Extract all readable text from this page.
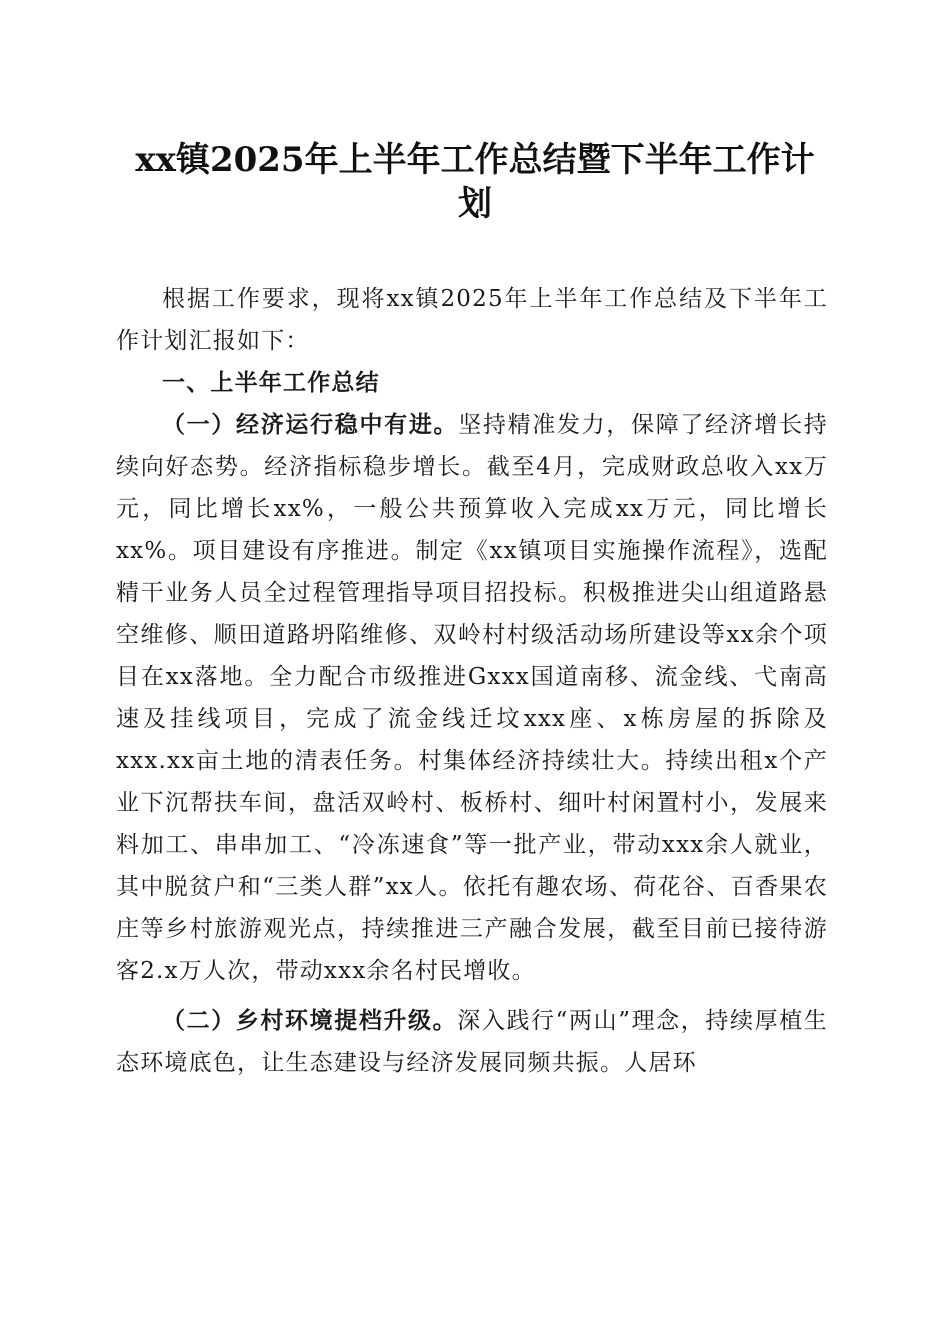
xx镇2025年上半年工作总结暨下半年工作计
划

根据工作要求，现将xx镇2025年上半年工作总结及下半年工作计划汇报如下：

一、上半年工作总结

（一）经济运行稳中有进。坚持精准发力，保障了经济增长持续向好态势。经济指标稳步增长。截至4月，完成财政总收入xx万元，同比增长xx%，一般公共预算收入完成xx万元，同比增长xx%。项目建设有序推进。制定《xx镇项目实施操作流程》，选配精干业务人员全过程管理指导项目招投标。积极推进尖山组道路悬空维修、顺田道路坍陷维修、双岭村村级活动场所建设等xx余个项目在xx落地。全力配合市级推进Gxxx国道南移、流金线、弋南高速及挂线项目，完成了流金线迁坟xxx座、x栋房屋的拆除及xxx.xx亩土地的清表任务。村集体经济持续壮大。持续出租x个产业下沉帮扶车间，盘活双岭村、板桥村、细叶村闲置村小，发展来料加工、串串加工、“冷冻速食”等一批产业，带动xxx余人就业，其中脱贫户和“三类人群”xx人。依托有趣农场、荷花谷、百香果农庄等乡村旅游观光点，持续推进三产融合发展，截至目前已接待游客2.x万人次，带动xxx余名村民增收。

（二）乡村环境提档升级。深入践行“两山”理念，持续厚植生态环境底色，让生态建设与经济发展同频共振。人居环
